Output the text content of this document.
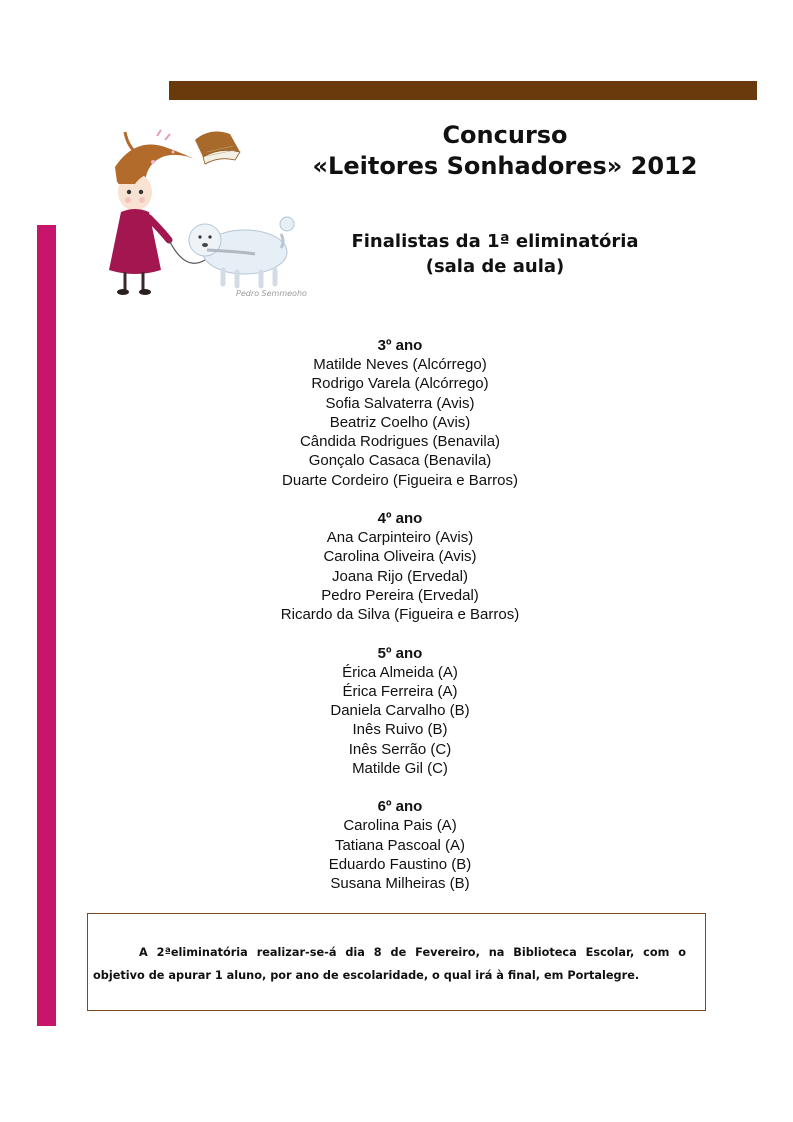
Pedro Semmeoho
Concurso
«Leitores Sonhadores» 2012
Finalistas da 1ª eliminatória
(sala de aula)
3º ano
Matilde Neves (Alcórrego)
Rodrigo Varela (Alcórrego)
Sofia Salvaterra (Avis)
Beatriz Coelho (Avis)
Cândida Rodrigues (Benavila)
Gonçalo Casaca (Benavila)
Duarte Cordeiro (Figueira e Barros)
4º ano
Ana Carpinteiro (Avis)
Carolina Oliveira (Avis)
Joana Rijo (Ervedal)
Pedro Pereira (Ervedal)
Ricardo da Silva (Figueira e Barros)
5º ano
Érica Almeida (A)
Érica Ferreira (A)
Daniela Carvalho (B)
Inês Ruivo (B)
Inês Serrão (C)
Matilde Gil (C)
6º ano
Carolina Pais (A)
Tatiana Pascoal (A)
Eduardo Faustino (B)
Susana Milheiras (B)
A 2ªeliminatória realizar-se-á dia 8 de Fevereiro, na Biblioteca Escolar, com o objetivo de apurar 1 aluno, por ano de escolaridade, o qual irá à final, em Portalegre.
